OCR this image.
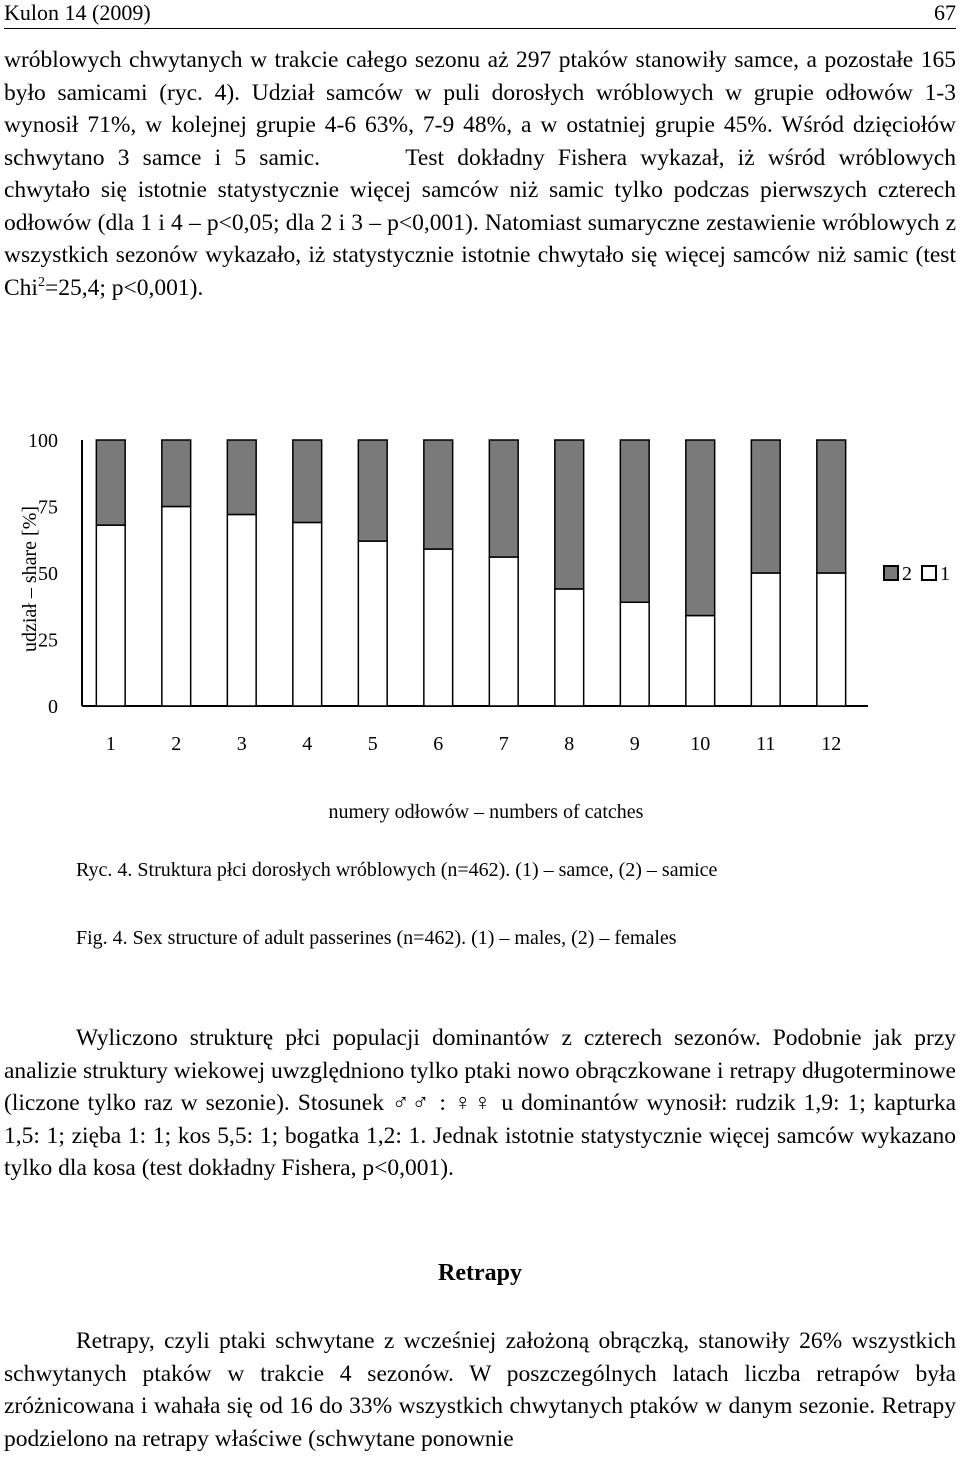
Kulon 14 (2009)	67

wróblowych chwytanych w trakcie całego sezonu aż 297 ptaków stanowiły samce, a pozostałe 165 było samicami (ryc. 4). Udział samców w puli dorosłych wróblowych w grupie odłowów 1-3 wynosił 71%, w kolejnej grupie 4-6 63%, 7-9 48%, a w ostatniej grupie 45%. Wśród dzięciołów schwytano 3 samce i 5 samic.	Test dokładny Fishera wykazał, iż wśród wróblowych chwytało się istotnie statystycznie więcej samców niż samic tylko podczas pierwszych czterech odłowów (dla 1 i 4 – p<0,05; dla 2 i 3 – p<0,001). Natomiast sumaryczne zestawienie wróblowych z wszystkich sezonów wykazało, iż statystycznie istotnie chwytało się więcej samców niż samic (test Chi$^2$=25,4; p<0,001).

0
25
50
75
100
udział – share [%]
1	2	3	4	5	6	7	8	9	10 11 12
numery odłowów – numbers of catches
2 1
Ryc. 4. Struktura płci dorosłych wróblowych (n=462). (1) – samce, (2) – samice
Fig. 4. Sex structure of adult passerines (n=462). (1) – males, (2) – females

Wyliczono strukturę płci populacji dominantów z czterech sezonów. Podobnie jak przy analizie struktury wiekowej uwzględniono tylko ptaki nowo obrączkowane i retrapy długoterminowe (liczone tylko raz w sezonie). Stosunek ♂♂ : ♀♀ u dominantów wynosił: rudzik 1,9: 1; kapturka 1,5: 1; zięba 1: 1; kos 5,5: 1; bogatka 1,2: 1. Jednak istotnie statystycznie więcej samców wykazano tylko dla kosa (test dokładny Fishera, p<0,001).

Retrapy

Retrapy, czyli ptaki schwytane z wcześniej założoną obrączką, stanowiły 26% wszystkich schwytanych ptaków w trakcie 4 sezonów. W poszczególnych latach liczba retrapów była zróżnicowana i wahała się od 16 do 33% wszystkich chwytanych ptaków w danym sezonie. Retrapy podzielono na retrapy właściwe (schwytane ponownie
